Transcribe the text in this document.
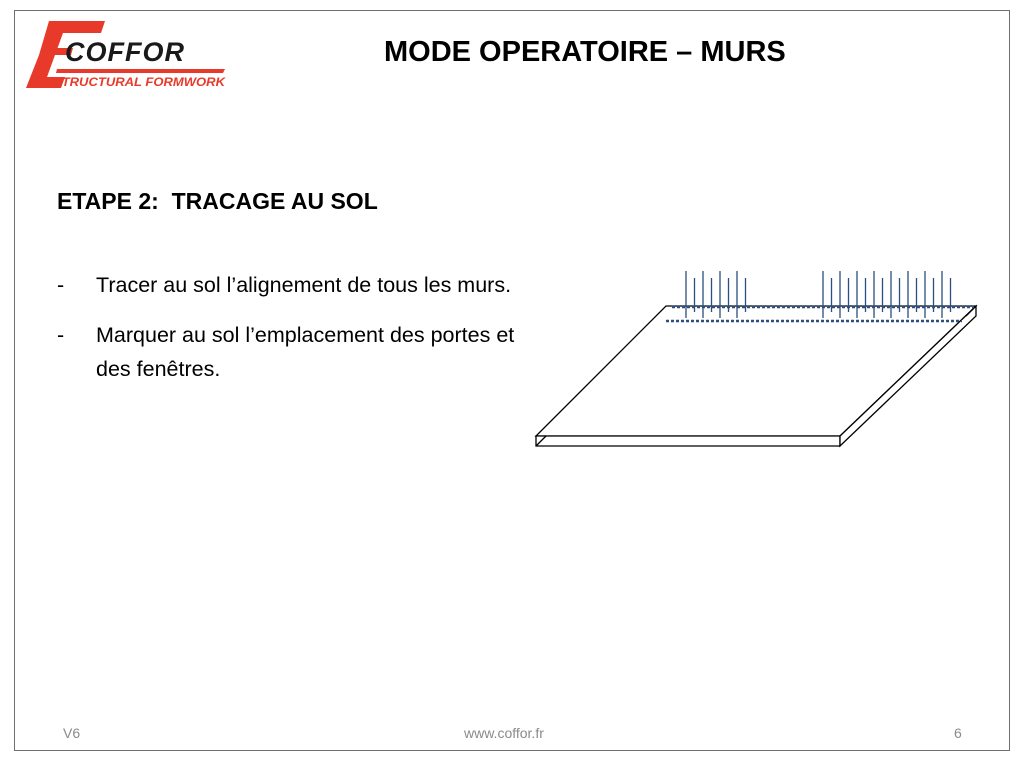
COFFOR
STRUCTURAL FORMWORK
MODE OPERATOIRE – MURS
ETAPE 2:  TRACAGE AU SOL
- Tracer au sol l’alignement de tous les murs.
- Marquer au sol l’emplacement des portes et des fenêtres.
V6	www.coffor.fr	6
